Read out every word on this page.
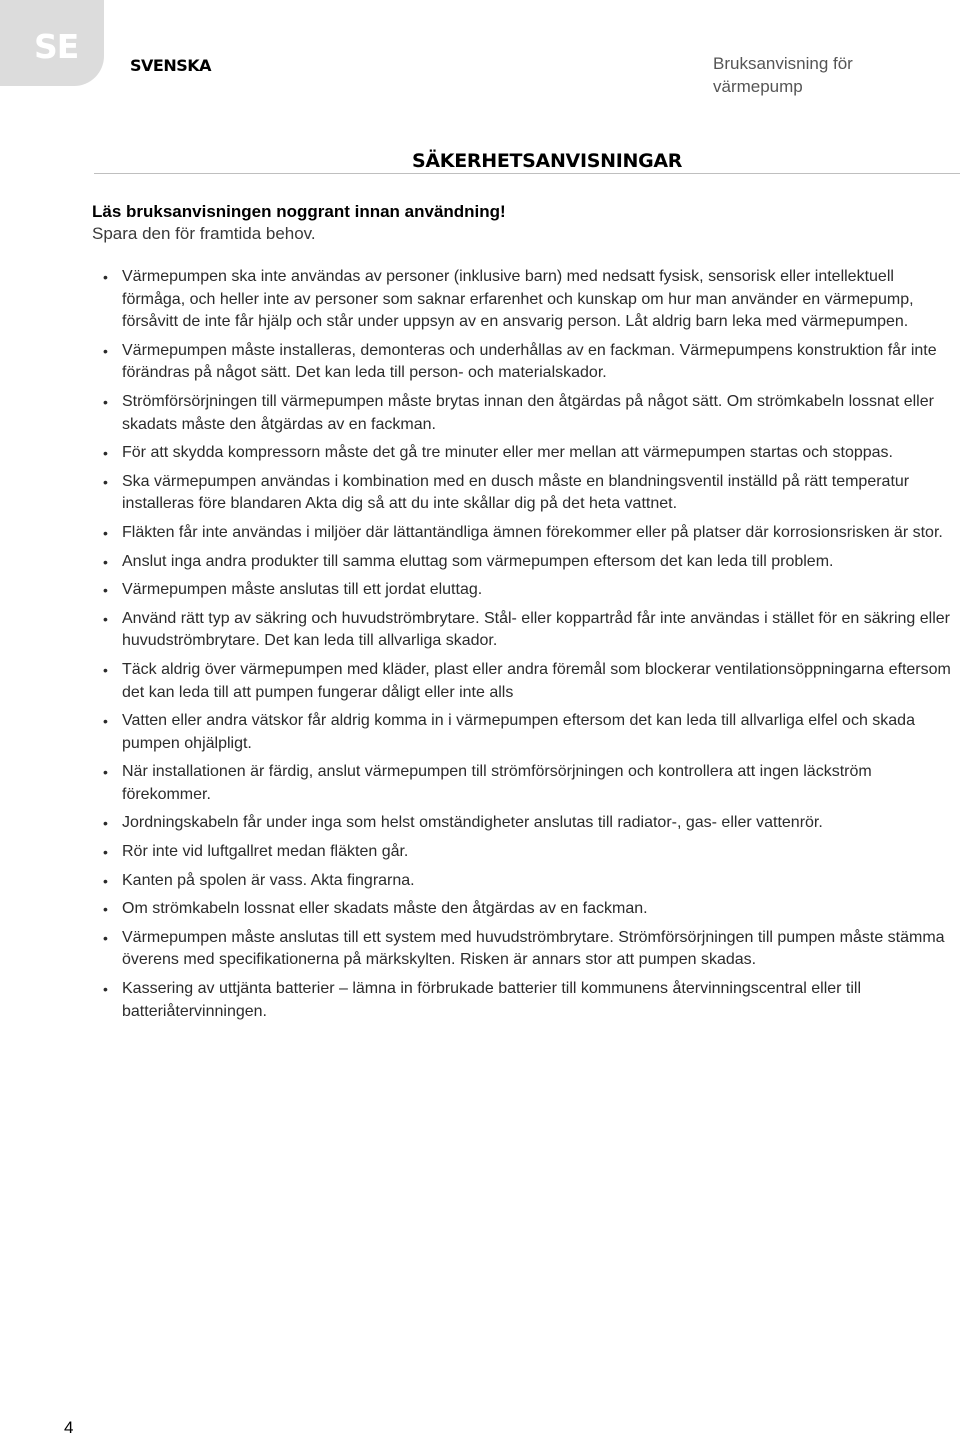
SE	SVENSKA	Bruksanvisning för värmepump
SÄKERHETSANVISNINGAR
Läs bruksanvisningen noggrant innan användning!
Spara den för framtida behov.
• Värmepumpen ska inte användas av personer (inklusive barn) med nedsatt fysisk, sensorisk eller intellektuell förmåga, och heller inte av personer som saknar erfarenhet och kunskap om hur man använder en värmepump, försåvitt de inte får hjälp och står under uppsyn av en ansvarig person. Låt aldrig barn leka med värmepumpen.
• Värmepumpen måste installeras, demonteras och underhållas av en fackman. Värmepumpens konstruktion får inte förändras på något sätt. Det kan leda till person- och materialskador.
• Strömförsörjningen till värmepumpen måste brytas innan den åtgärdas på något sätt. Om strömkabeln lossnat eller skadats måste den åtgärdas av en fackman.
• För att skydda kompressorn måste det gå tre minuter eller mer mellan att värmepumpen startas och stoppas.
• Ska värmepumpen användas i kombination med en dusch måste en blandningsventil inställd på rätt temperatur installeras före blandaren Akta dig så att du inte skållar dig på det heta vattnet.
• Fläkten får inte användas i miljöer där lättantändliga ämnen förekommer eller på platser där korrosionsrisken är stor.
• Anslut inga andra produkter till samma eluttag som värmepumpen eftersom det kan leda till problem.
• Värmepumpen måste anslutas till ett jordat eluttag.
• Använd rätt typ av säkring och huvudströmbrytare. Stål- eller koppartråd får inte användas i stället för en säkring eller huvudströmbrytare. Det kan leda till allvarliga skador.
• Täck aldrig över värmepumpen med kläder, plast eller andra föremål som blockerar ventilationsöppningarna eftersom det kan leda till att pumpen fungerar dåligt eller inte alls
• Vatten eller andra vätskor får aldrig komma in i värmepumpen eftersom det kan leda till allvarliga elfel och skada pumpen ohjälpligt.
• När installationen är färdig, anslut värmepumpen till strömförsörjningen och kontrollera att ingen läckström förekommer.
• Jordningskabeln får under inga som helst omständigheter anslutas till radiator-, gas- eller vattenrör.
• Rör inte vid luftgallret medan fläkten går.
• Kanten på spolen är vass. Akta fingrarna.
• Om strömkabeln lossnat eller skadats måste den åtgärdas av en fackman.
• Värmepumpen måste anslutas till ett system med huvudströmbrytare. Strömförsörjningen till pumpen måste stämma överens med specifikationerna på märkskylten. Risken är annars stor att pumpen skadas.
• Kassering av uttjänta batterier – lämna in förbrukade batterier till kommunens återvinningscentral eller till batteriåtervinningen.
4
